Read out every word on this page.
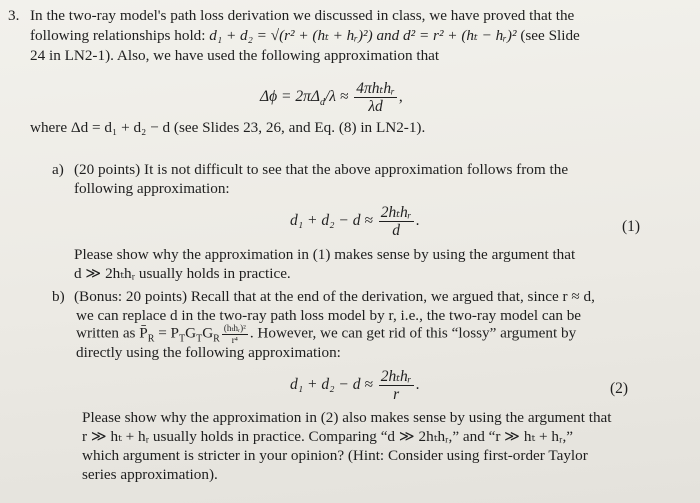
3. In the two-ray model's path loss derivation we discussed in class, we have proved that the
following relationships hold: d₁ + d₂ = √(r² + (hₜ + hᵣ)²) and d² = r² + (hₜ − hᵣ)² (see Slide
24 in LN2-1). Also, we have used the following approximation that
$\Delta\phi = 2\pi\Delta_d/\lambda \approx \frac{\text{4πhₜhᵣ}}{\lambda d}$ ,
where Δd = d₁ + d₂ − d (see Slides 23, 26, and Eq. (8) in LN2-1).
a) (20 points) It is not difficult to see that the above approximation follows from the
following approximation:
$d_1 + d_2 - d \approx \frac{\text{2hₜhᵣ}}{d}$ .	(1)
Please show why the approximation in (1) makes sense by using the argument that
d ≫ 2hₜhᵣ usually holds in practice.
b) (Bonus: 20 points) Recall that at the end of the derivation, we argued that, since r ≈ d,
we can replace d in the two-ray path loss model by r, i.e., the two-ray model can be
written as $P̄_R = P_TG_TG_R \frac{\text{(hₜhᵣ)²}}{\text{r⁴}}$ . However, we can get rid of this “lossy” argument by
directly using the following approximation:
$d_1 + d_2 - d \approx \frac{\text{2hₜhᵣ}}{r}$ .	(2)
Please show why the approximation in (2) also makes sense by using the argument that
r ≫ hₜ + hᵣ usually holds in practice. Comparing “d ≫ 2hₜhᵣ,” and “r ≫ hₜ + hᵣ,”
which argument is stricter in your opinion? (Hint: Consider using first-order Taylor
series approximation).
